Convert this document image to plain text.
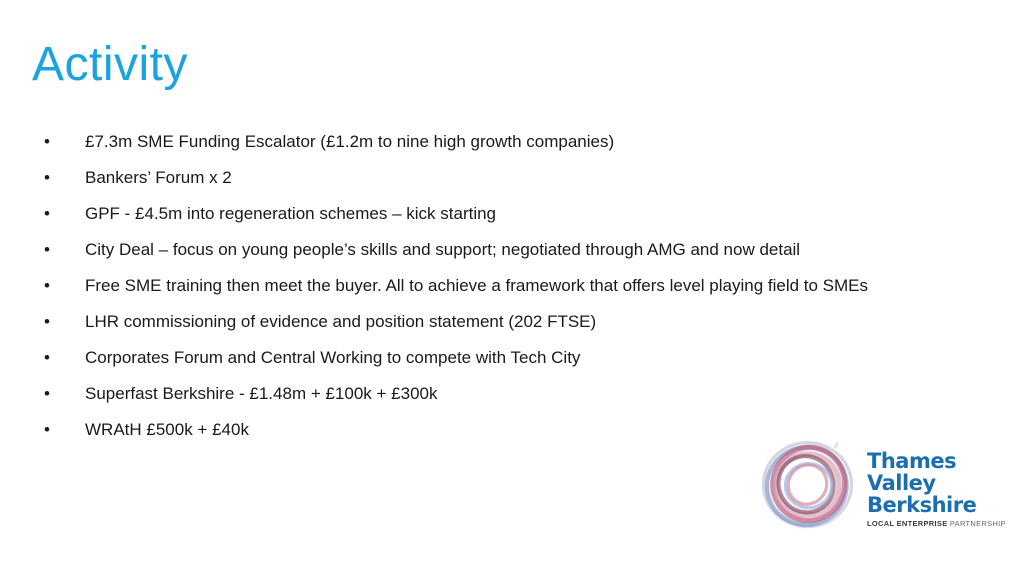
Activity
• £7.3m SME Funding Escalator (£1.2m to nine high growth companies)
• Bankers’ Forum x 2
• GPF - £4.5m into regeneration schemes – kick starting
• City Deal – focus on young people’s skills and support; negotiated through AMG and now detail
• Free SME training then meet the buyer. All to achieve a framework that offers level playing field to SMEs
• LHR commissioning of evidence and position statement (202 FTSE)
• Corporates Forum and Central Working to compete with Tech City
• Superfast Berkshire - £1.48m + £100k + £300k
• WRAtH £500k + £40k
Thames
Valley
Berkshire
LOCAL ENTERPRISE PARTNERSHIP
